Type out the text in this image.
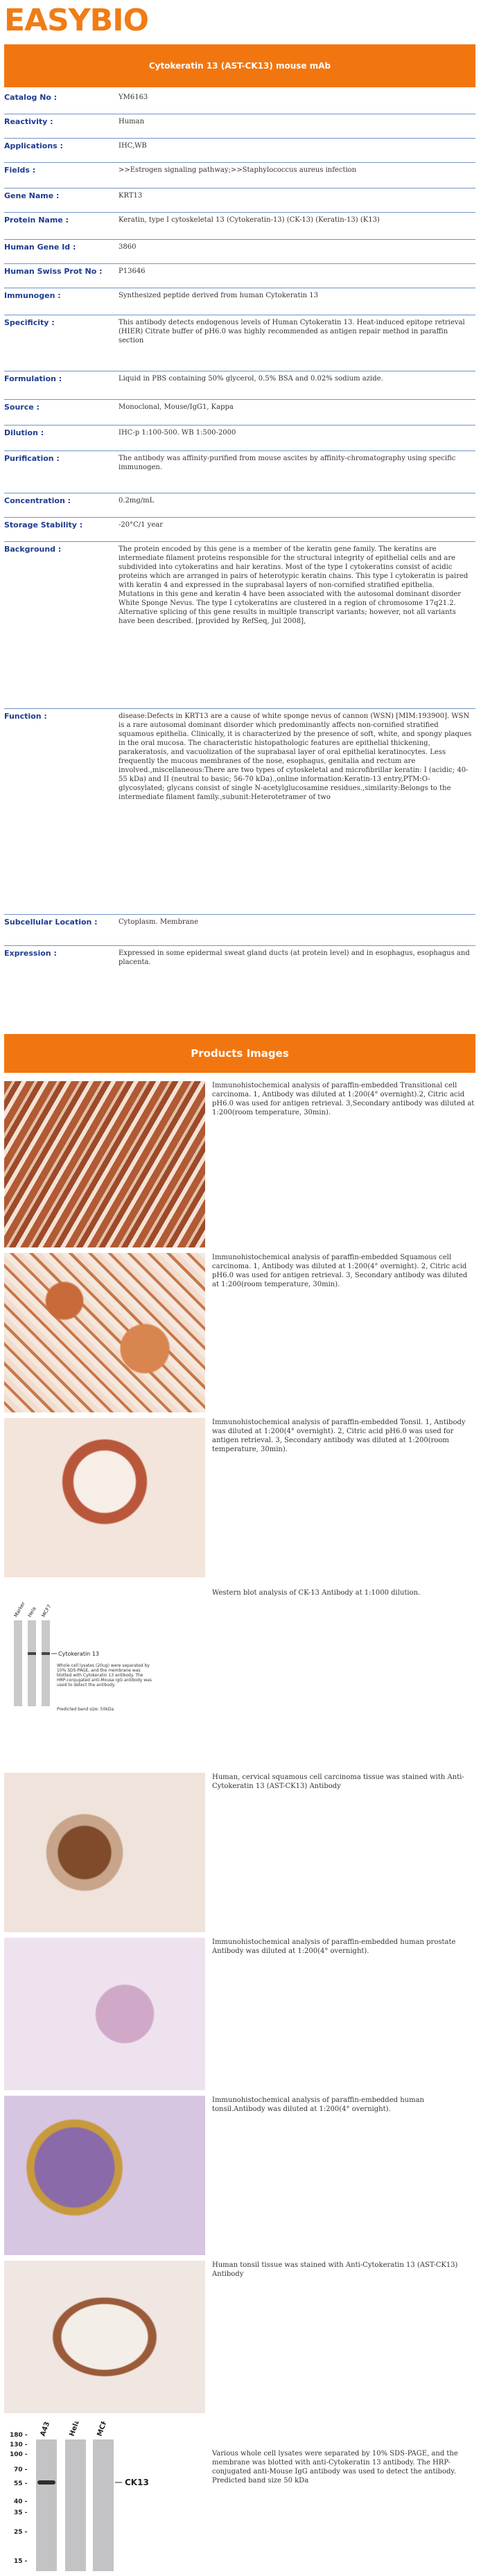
EASYBIO
Cytokeratin 13 (AST-CK13) mouse mAb
Catalog No :	YM6163
Reactivity :	Human
Applications :	IHC,WB
Fields :	>>Estrogen signaling pathway;>>Staphylococcus aureus infection
Gene Name :	KRT13
Protein Name :	Keratin, type I cytoskeletal 13 (Cytokeratin-13) (CK-13) (Keratin-13) (K13)
Human Gene Id :	3860
Human Swiss Prot No :	P13646
Immunogen :	Synthesized peptide derived from human Cytokeratin 13
Specificity :	This antibody detects endogenous levels of Human Cytokeratin 13. Heat-induced epitope retrieval (HIER) Citrate buffer of pH6.0 was highly recommended as antigen repair method in paraffin section
Formulation :	Liquid in PBS containing 50% glycerol, 0.5% BSA and 0.02% sodium azide.
Source :	Monoclonal, Mouse/IgG1, Kappa
Dilution :	IHC-p 1:100-500. WB 1:500-2000
Purification :	The antibody was affinity-purified from mouse ascites by affinity-chromatography using specific immunogen.
Concentration :	0.2mg/mL
Storage Stability :	-20°C/1 year
Background :	The protein encoded by this gene is a member of the keratin gene family. The keratins are intermediate filament proteins responsible for the structural integrity of epithelial cells and are subdivided into cytokeratins and hair keratins. Most of the type I cytokeratins consist of acidic proteins which are arranged in pairs of heterotypic keratin chains. This type I cytokeratin is paired with keratin 4 and expressed in the suprabasal layers of non-cornified stratified epithelia. Mutations in this gene and keratin 4 have been associated with the autosomal dominant disorder White Sponge Nevus. The type I cytokeratins are clustered in a region of chromosome 17q21.2. Alternative splicing of this gene results in multiple transcript variants; however, not all variants have been described. [provided by RefSeq, Jul 2008],
Function :	disease:Defects in KRT13 are a cause of white sponge nevus of cannon (WSN) [MIM:193900]. WSN is a rare autosomal dominant disorder which predominantly affects non-cornified stratified squamous epithelia. Clinically, it is characterized by the presence of soft, white, and spongy plaques in the oral mucosa. The characteristic histopathologic features are epithelial thickening, parakeratosis, and vacuolization of the suprabasal layer of oral epithelial keratinocytes. Less frequently the mucous membranes of the nose, esophagus, genitalia and rectum are involved.,miscellaneous:There are two types of cytoskeletal and microfibrillar keratin: I (acidic; 40-55 kDa) and II (neutral to basic; 56-70 kDa).,online information:Keratin-13 entry,PTM:O-glycosylated; glycans consist of single N-acetylglucosamine residues.,similarity:Belongs to the intermediate filament family.,subunit:Heterotetramer of two
Subcellular Location :	Cytoplasm. Membrane
Expression :	Expressed in some epidermal sweat gland ducts (at protein level) and in esophagus, esophagus and placenta.
Products Images
Immunohistochemical analysis of paraffin-embedded Transitional cell carcinoma. 1, Antibody was diluted at 1:200(4° overnight).2, Citric acid pH6.0 was used for antigen retrieval. 3,Secondary antibody was diluted at 1:200(room temperature, 30min).
Immunohistochemical analysis of paraffin-embedded Squamous cell carcinoma. 1, Antibody was diluted at 1:200(4° overnight). 2, Citric acid pH6.0 was used for antigen retrieval. 3, Secondary antibody was diluted at 1:200(room temperature, 30min).
Immunohistochemical analysis of paraffin-embedded Tonsil. 1, Antibody was diluted at 1:200(4° overnight). 2, Citric acid pH6.0 was used for antigen retrieval. 3, Secondary antibody was diluted at 1:200(room temperature, 30min).
Marker Hela MCF7
Cytokeratin 13
Whole cell lysates (20ug) were separated by 10% SDS-PAGE, and the membrane was blotted with Cytokeratin 13 antibody. The HRP-conjugated anti-Mouse IgG antibody was used to detect the antibody.
Predicted band size: 50kDa
Western blot analysis of CK-13 Antibody at 1:1000 dilution.
Human, cervical squamous cell carcinoma tissue was stained with Anti-Cytokeratin 13 (AST-CK13) Antibody
Immunohistochemical analysis of paraffin-embedded human prostate Antibody was diluted at 1:200(4° overnight).
Immunohistochemical analysis of paraffin-embedded human tonsil.Antibody was diluted at 1:200(4° overnight).
Human tonsil tissue was stained with Anti-Cytokeratin 13 (AST-CK13) Antibody
A431 Hela MCF7
CK13
180 -
130 -
100 -
70 -
55 -
40 -
35 -
25 -
15 -
Various whole cell lysates were separated by 10% SDS-PAGE, and the membrane was blotted with anti-Cytokeratin 13 antibody. The HRP-conjugated anti-Mouse IgG antibody was used to detect the antibody. Predicted band size 50 kDa
